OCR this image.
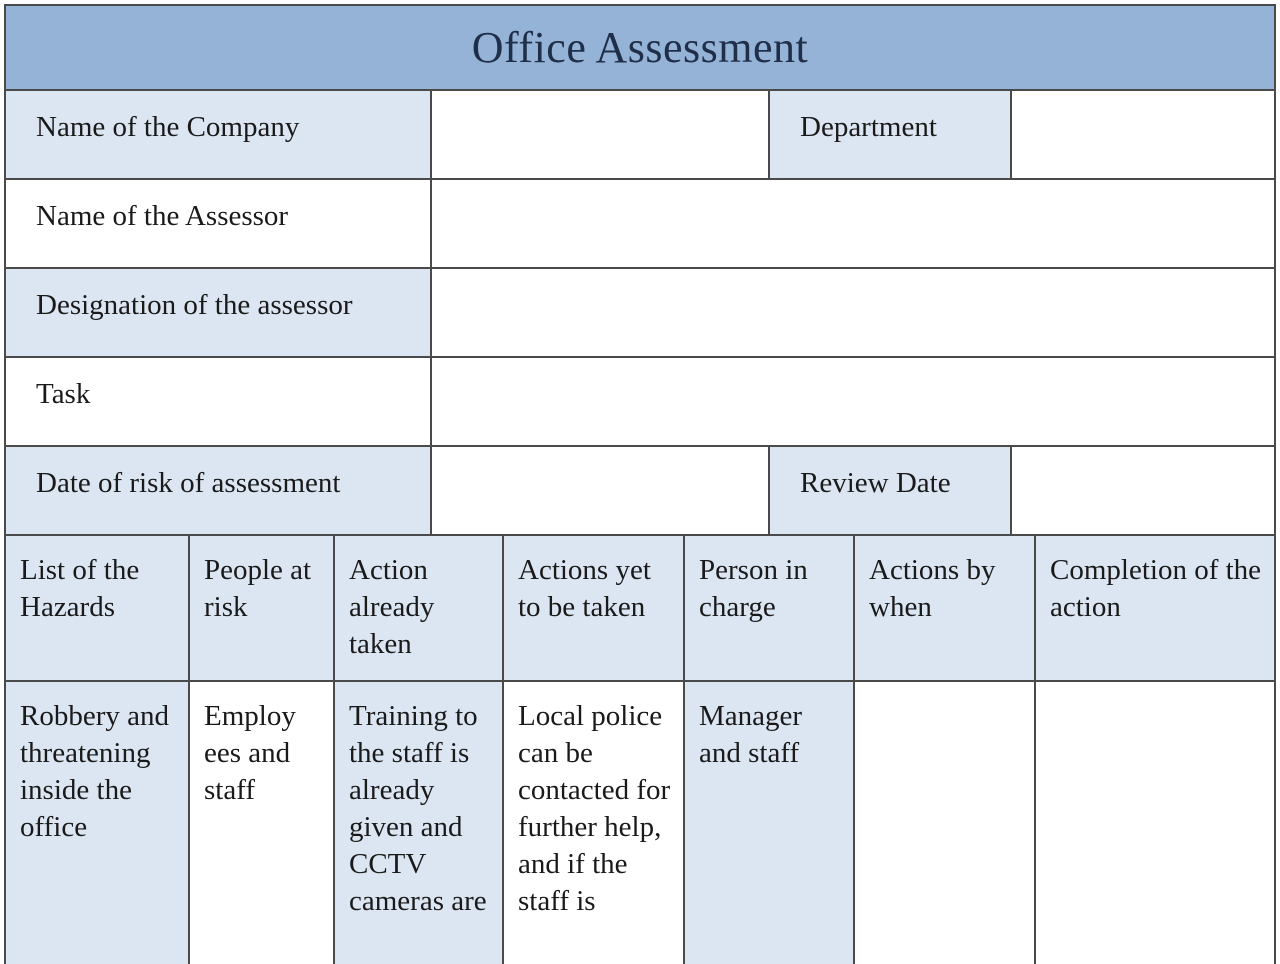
Office Assessment
Name of the Company	Department
Name of the Assessor
Designation of the assessor
Task
Date of risk of assessment	Review Date
List of the Hazards
People at risk
Action already taken
Actions yet to be taken
Person in charge
Actions by when
Completion of the action
Robbery and threatening inside the office
Employ ees and staff
Training to the staff is already given and CCTV cameras are
Local police can be contacted for further help, and if the staff is
Manager and staff
